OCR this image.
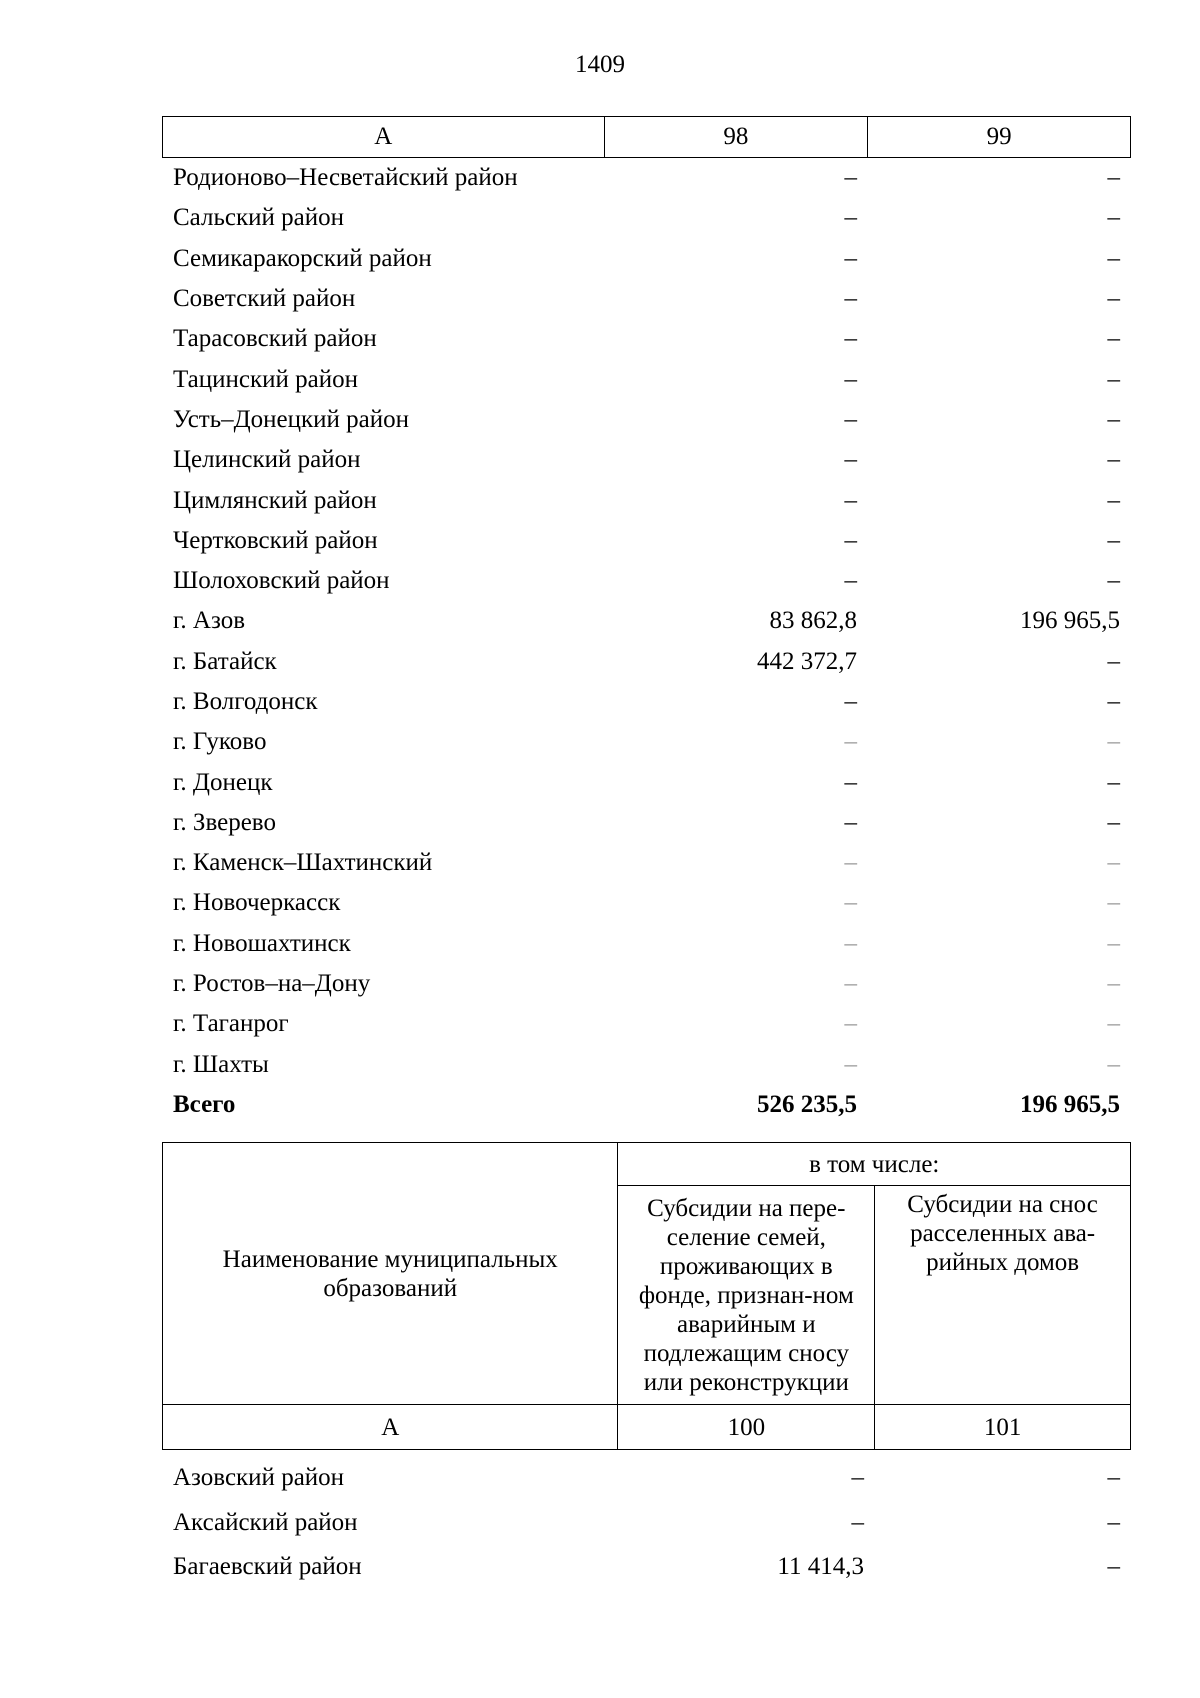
1409
А	98	99
Родионово–Несветайский район	–	–
Сальский район	–	–
Семикаракорский район	–	–
Советский район	–	–
Тарасовский район	–	–
Тацинский район	–	–
Усть–Донецкий район	–	–
Целинский район	–	–
Цимлянский район	–	–
Чертковский район	–	–
Шолоховский район	–	–
г. Азов	83 862,8	196 965,5
г. Батайск	442 372,7	–
г. Волгодонск	–	–
г. Гуково	–	–
г. Донецк	–	–
г. Зверево	–	–
г. Каменск–Шахтинский	–	–
г. Новочеркасск	–	–
г. Новошахтинск	–	–
г. Ростов–на–Дону	–	–
г. Таганрог	–	–
г. Шахты	–	–
Всего	526 235,5	196 965,5
Наименование муниципальных образований	в том числе:	

	Субсидии на пере-селение семей, проживающих в фонде, признан-ном аварийным и подлежащим сносу или реконструкции	Субсидии на снос расселенных ава-рийных домов

А	100	101
Азовский район	–	–
Аксайский район	–	–
Багаевский район	11 414,3	–
